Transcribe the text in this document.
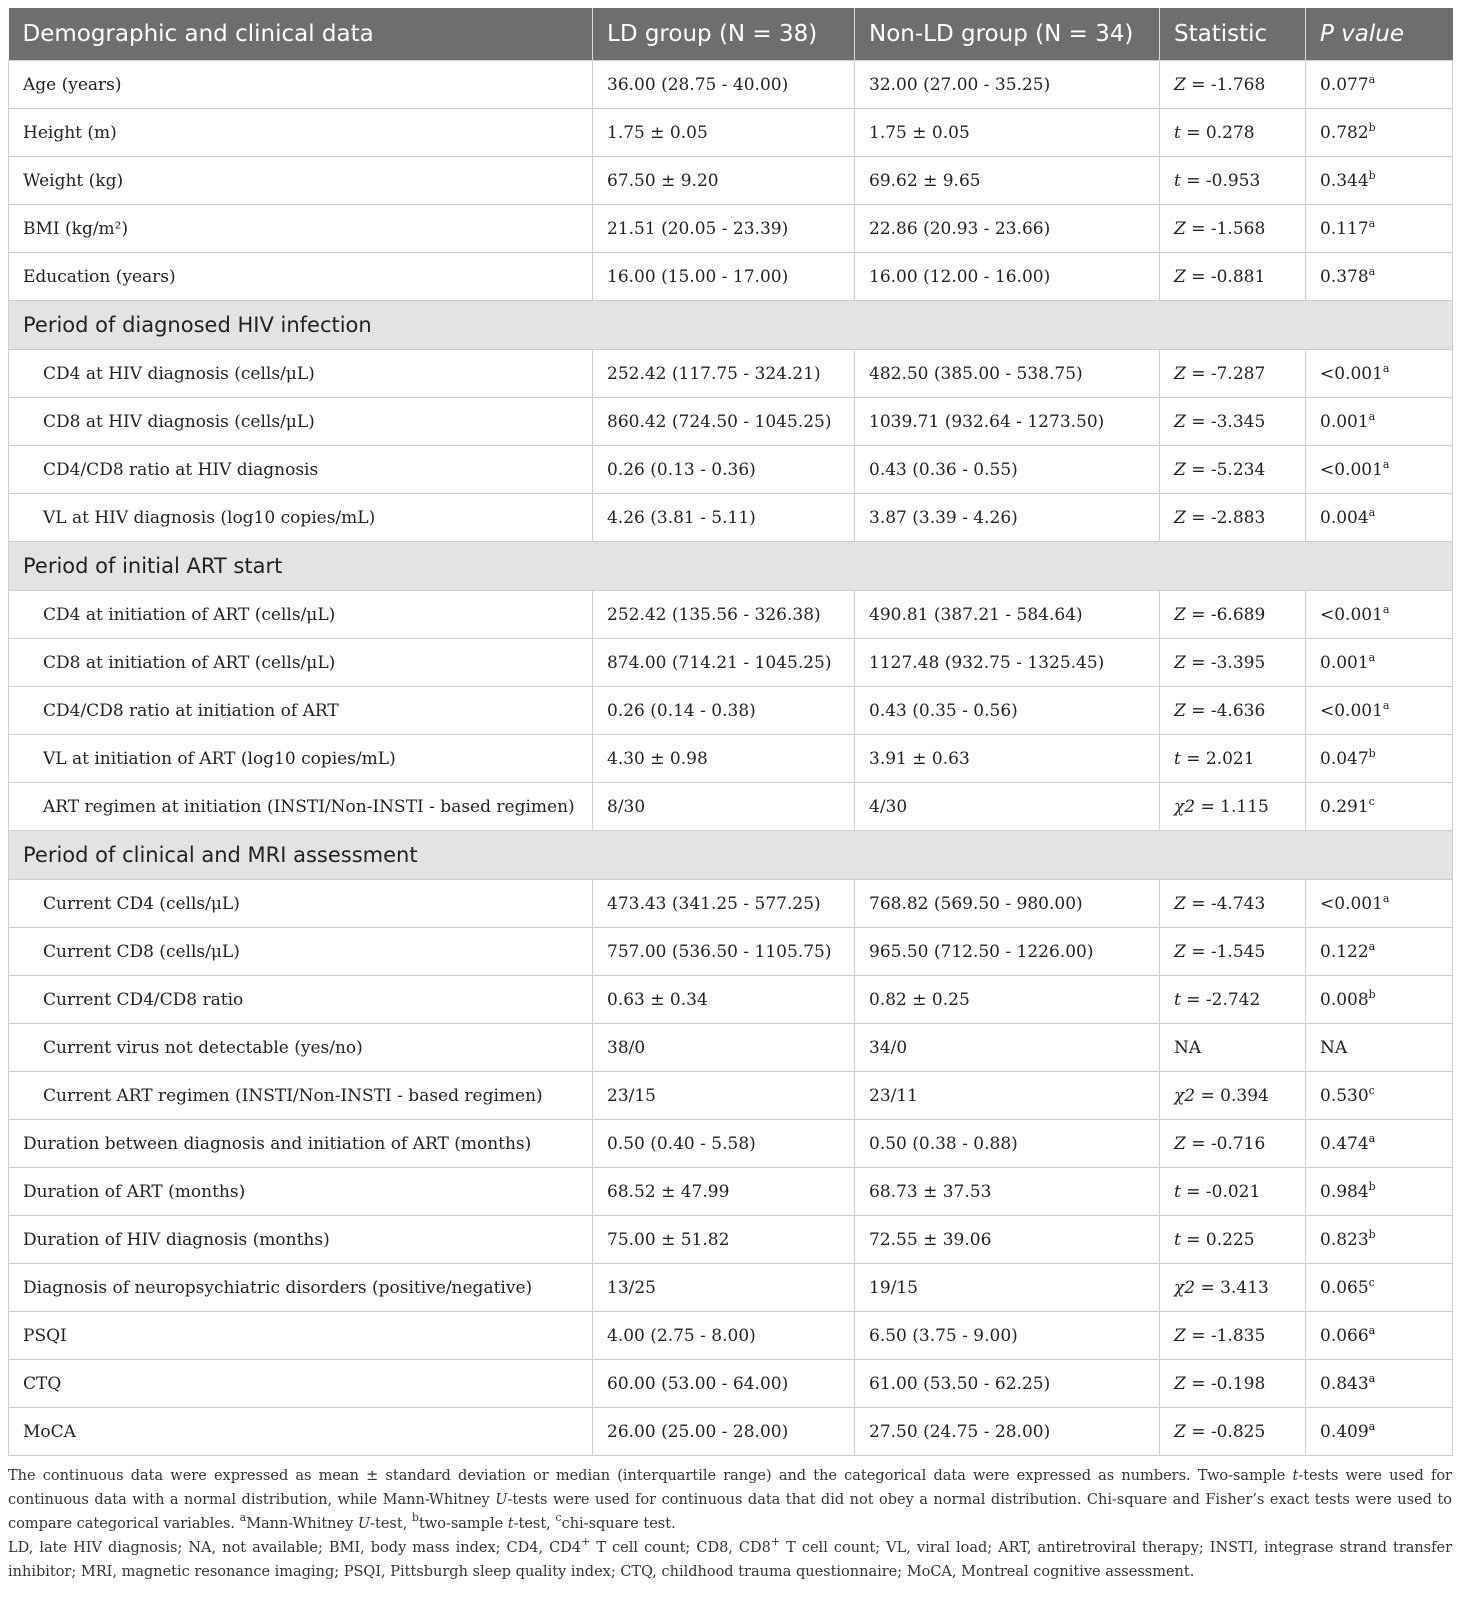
Demographic and clinical data	LD group (N = 38)	Non-LD group (N = 34)	Statistic	P value
Age (years)	36.00 (28.75 - 40.00)	32.00 (27.00 - 35.25)	Z = -1.768	0.077$^a$
Height (m)	1.75 ± 0.05	1.75 ± 0.05	t = 0.278	0.782$^b$
Weight (kg)	67.50 ± 9.20	69.62 ± 9.65	t = -0.953	0.344$^b$
BMI (kg/m²)	21.51 (20.05 - 23.39)	22.86 (20.93 - 23.66)	Z = -1.568	0.117$^a$
Education (years)	16.00 (15.00 - 17.00)	16.00 (12.00 - 16.00)	Z = -0.881	0.378$^a$
Period of diagnosed HIV infection				
CD4 at HIV diagnosis (cells/μL)	252.42 (117.75 - 324.21)	482.50 (385.00 - 538.75)	Z = -7.287	<0.001$^a$
CD8 at HIV diagnosis (cells/μL)	860.42 (724.50 - 1045.25)	1039.71 (932.64 - 1273.50)	Z = -3.345	0.001$^a$
CD4/CD8 ratio at HIV diagnosis	0.26 (0.13 - 0.36)	0.43 (0.36 - 0.55)	Z = -5.234	<0.001$^a$
VL at HIV diagnosis (log10 copies/mL)	4.26 (3.81 - 5.11)	3.87 (3.39 - 4.26)	Z = -2.883	0.004$^a$
Period of initial ART start				
CD4 at initiation of ART (cells/μL)	252.42 (135.56 - 326.38)	490.81 (387.21 - 584.64)	Z = -6.689	<0.001$^a$
CD8 at initiation of ART (cells/μL)	874.00 (714.21 - 1045.25)	1127.48 (932.75 - 1325.45)	Z = -3.395	0.001$^a$
CD4/CD8 ratio at initiation of ART	0.26 (0.14 - 0.38)	0.43 (0.35 - 0.56)	Z = -4.636	<0.001$^a$
VL at initiation of ART (log10 copies/mL)	4.30 ± 0.98	3.91 ± 0.63	t = 2.021	0.047$^b$
ART regimen at initiation (INSTI/Non-INSTI - based regimen)	8/30	4/30	χ2 = 1.115	0.291$^c$
Period of clinical and MRI assessment				
Current CD4 (cells/μL)	473.43 (341.25 - 577.25)	768.82 (569.50 - 980.00)	Z = -4.743	<0.001$^a$
Current CD8 (cells/μL)	757.00 (536.50 - 1105.75)	965.50 (712.50 - 1226.00)	Z = -1.545	0.122$^a$
Current CD4/CD8 ratio	0.63 ± 0.34	0.82 ± 0.25	t = -2.742	0.008$^b$
Current virus not detectable (yes/no)	38/0	34/0	NA	NA
Current ART regimen (INSTI/Non-INSTI - based regimen)	23/15	23/11	χ2 = 0.394	0.530$^c$
Duration between diagnosis and initiation of ART (months)	0.50 (0.40 - 5.58)	0.50 (0.38 - 0.88)	Z = -0.716	0.474$^a$
Duration of ART (months)	68.52 ± 47.99	68.73 ± 37.53	t = -0.021	0.984$^b$
Duration of HIV diagnosis (months)	75.00 ± 51.82	72.55 ± 39.06	t = 0.225	0.823$^b$
Diagnosis of neuropsychiatric disorders (positive/negative)	13/25	19/15	χ2 = 3.413	0.065$^c$
PSQI	4.00 (2.75 - 8.00)	6.50 (3.75 - 9.00)	Z = -1.835	0.066$^a$
CTQ	60.00 (53.00 - 64.00)	61.00 (53.50 - 62.25)	Z = -0.198	0.843$^a$
MoCA	26.00 (25.00 - 28.00)	27.50 (24.75 - 28.00)	Z = -0.825	0.409$^a$

The continuous data were expressed as mean ± standard deviation or median (interquartile range) and the categorical data were expressed as numbers. Two-sample t-tests were used for continuous data with a normal distribution, while Mann-Whitney U-tests were used for continuous data that did not obey a normal distribution. Chi-square and Fisher’s exact tests were used to compare categorical variables. $^a$Mann-Whitney U-test, $^b$two-sample t-test, $^c$chi-square test.

LD, late HIV diagnosis; NA, not available; BMI, body mass index; CD4, CD4+ T cell count; CD8, CD8+ T cell count; VL, viral load; ART, antiretroviral therapy; INSTI, integrase strand transfer inhibitor; MRI, magnetic resonance imaging; PSQI, Pittsburgh sleep quality index; CTQ, childhood trauma questionnaire; MoCA, Montreal cognitive assessment.
